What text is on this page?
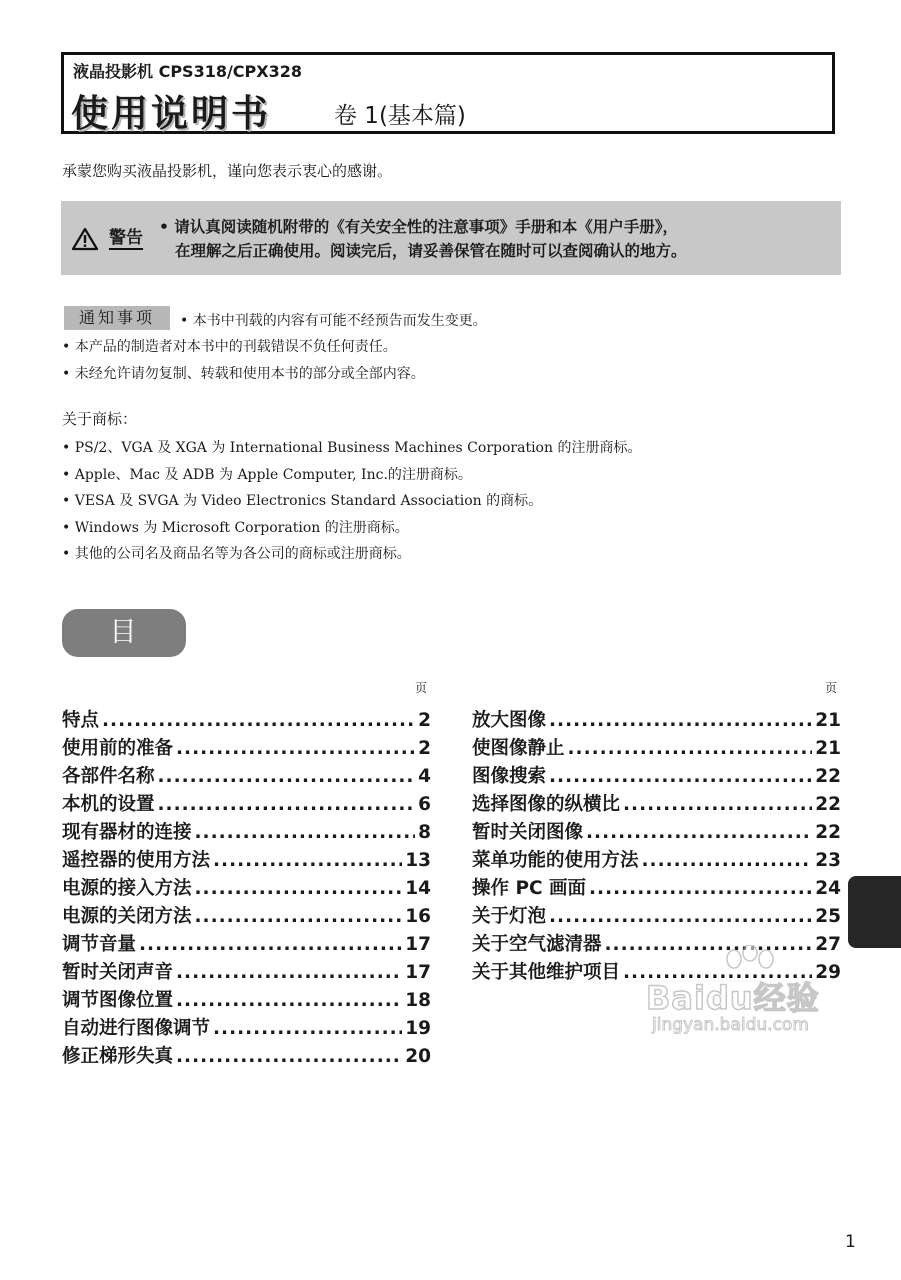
液晶投影机 CPS318/CPX328
使用说明书	卷 1(基本篇)
承蒙您购买液晶投影机，谨向您表示衷心的感谢。
警告
• 请认真阅读随机附带的《有关安全性的注意事项》手册和本《用户手册》，
在理解之后正确使用。阅读完后，请妥善保管在随时可以查阅确认的地方。
通知事项	• 本书中刊载的内容有可能不经预告而发生变更。
• 本产品的制造者对本书中的刊载错误不负任何责任。
• 未经允许请勿复制、转载和使用本书的部分或全部内容。
关于商标：
• PS/2、VGA 及 XGA 为 International Business Machines Corporation 的注册商标。
• Apple、Mac 及 ADB 为 Apple Computer, Inc.的注册商标。
• VESA 及 SVGA 为 Video Electronics Standard Association 的商标。
• Windows 为 Microsoft Corporation 的注册商标。
• 其他的公司名及商品名等为各公司的商标或注册商标。
目 录	页	页
特点 .....	2
使用前的准备 .....	2
各部件名称 .....	4
本机的设置 .....	6
现有器材的连接 .....	8
遥控器的使用方法 .....	13
电源的接入方法 .....	14
电源的关闭方法 .....	16
调节音量 .....	17
暂时关闭声音 .....	17
调节图像位置 .....	18
自动进行图像调节 .....	19
修正梯形失真 .....	20
放大图像 .....	21
使图像静止 .....	21
图像搜索 .....	22
选择图像的纵横比 .....	22
暂时关闭图像 .....	22
菜单功能的使用方法 .....	23
操作 PC 画面 .....	24
关于灯泡 .....	25
关于空气滤清器 .....	27
关于其他维护项目 .....	29
Baidu经验
jingyan.baidu.com
1
